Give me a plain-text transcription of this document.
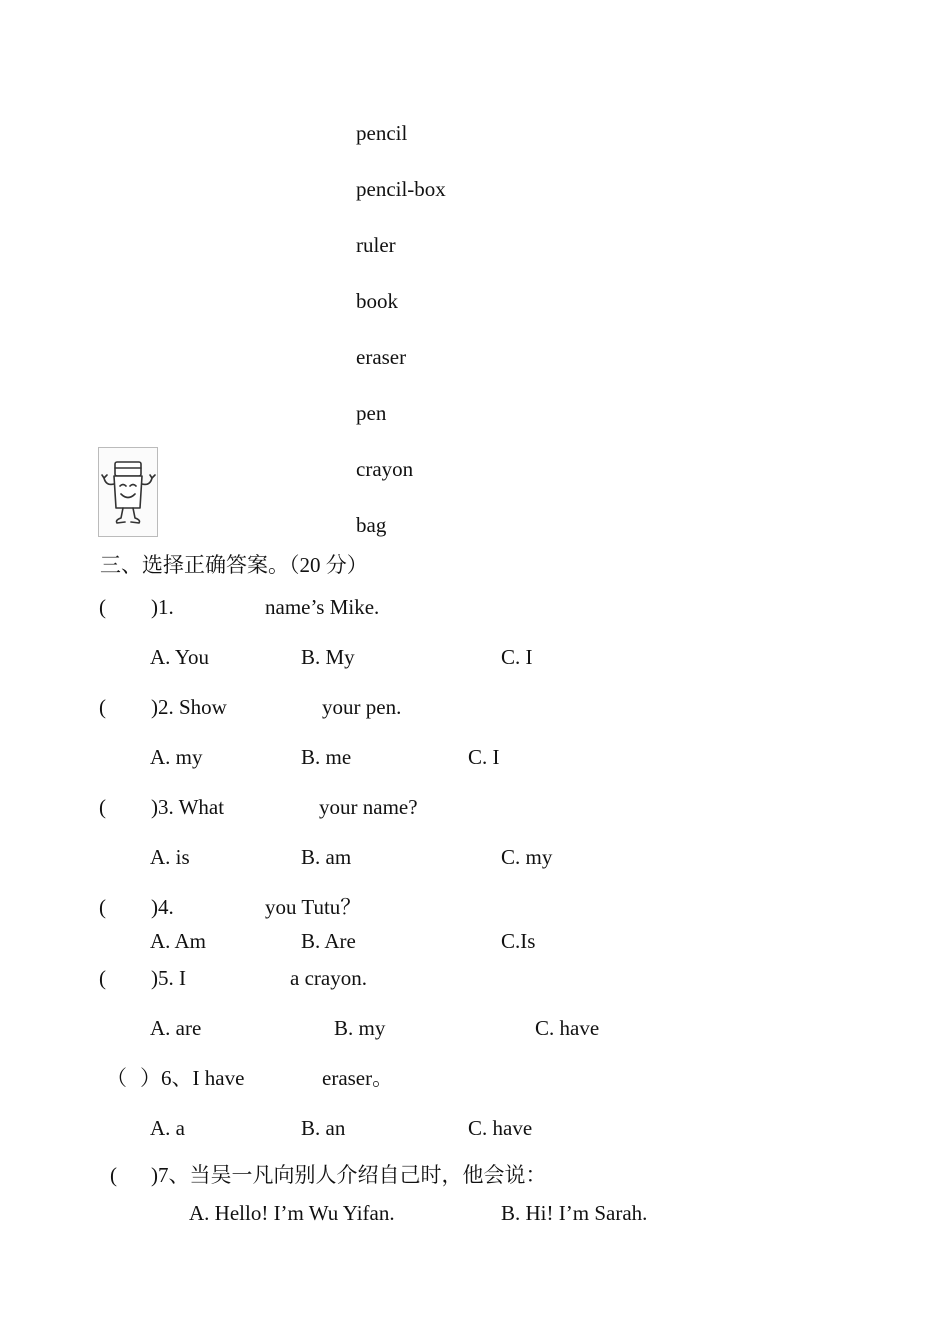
pencil
pencil-box
ruler
book
eraser
pen
crayon
bag
三、选择正确答案。（20 分）
( )1.	name’s Mike.
A. You	B. My	C. I
( )2. Show	your pen.
A. my	B. me	C. I
( )3. What	your name?
A. is	B. am	C. my
( )4.	you Tutu？
A. Am	B. Are	C.Is
( )5. I	a crayon.
A. are	B. my	C. have
（ ）6、I have	eraser。
A. a	B. an	C. have
( )7、当吴一凡向别人介绍自己时，他会说：
A. Hello! I’m Wu Yifan.	B. Hi! I’m Sarah.
